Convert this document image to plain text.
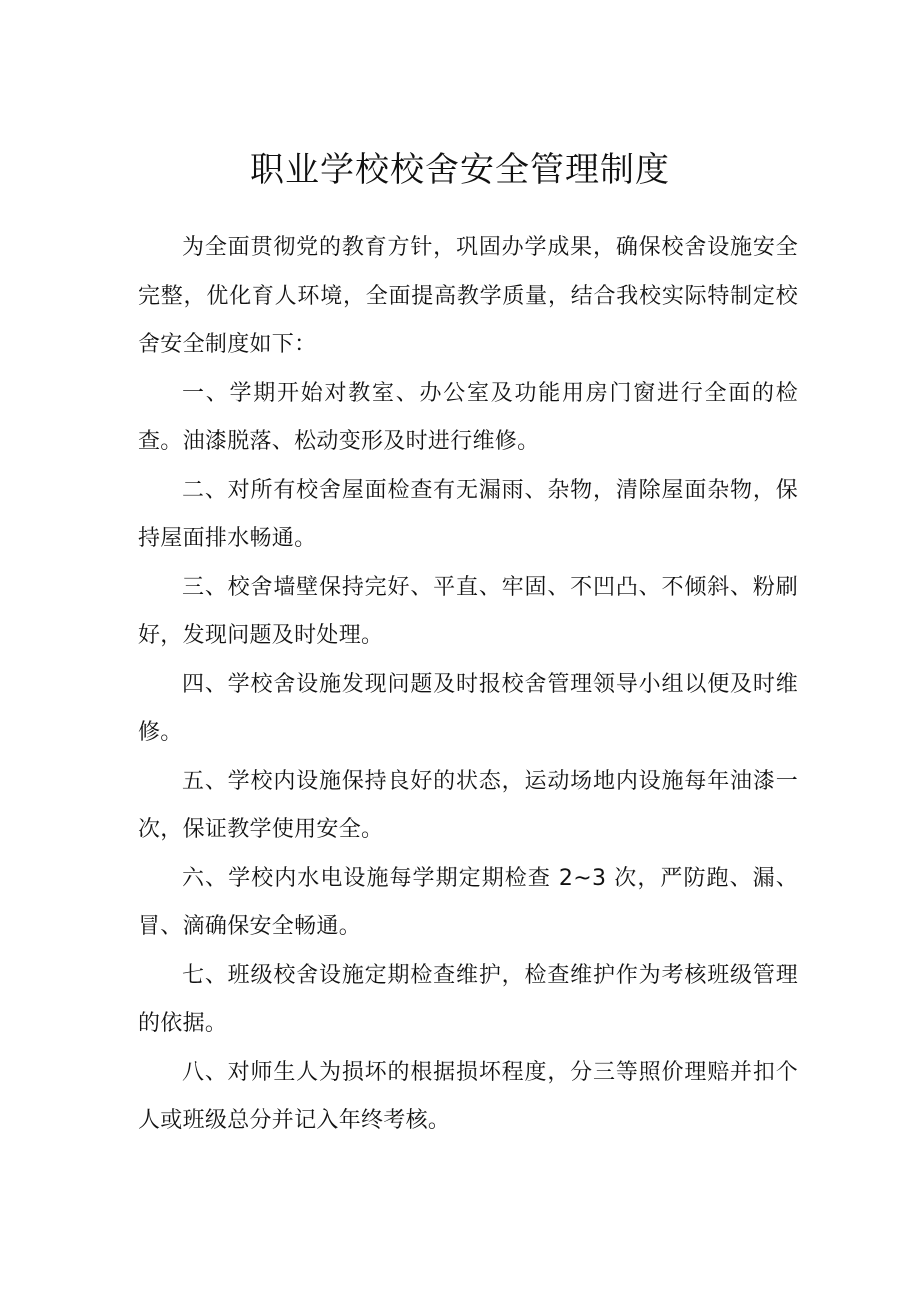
职业学校校舍安全管理制度

为全面贯彻党的教育方针，巩固办学成果，确保校舍设施安全完整，优化育人环境，全面提高教学质量，结合我校实际特制定校舍安全制度如下：

一、学期开始对教室、办公室及功能用房门窗进行全面的检查。油漆脱落、松动变形及时进行维修。

二、对所有校舍屋面检查有无漏雨、杂物，清除屋面杂物，保持屋面排水畅通。

三、校舍墙壁保持完好、平直、牢固、不凹凸、不倾斜、粉刷好，发现问题及时处理。

四、学校舍设施发现问题及时报校舍管理领导小组以便及时维修。

五、学校内设施保持良好的状态，运动场地内设施每年油漆一次，保证教学使用安全。

六、学校内水电设施每学期定期检查 2~3 次，严防跑、漏、冒、滴确保安全畅通。

七、班级校舍设施定期检查维护，检查维护作为考核班级管理的依据。

八、对师生人为损坏的根据损坏程度，分三等照价理赔并扣个人或班级总分并记入年终考核。
